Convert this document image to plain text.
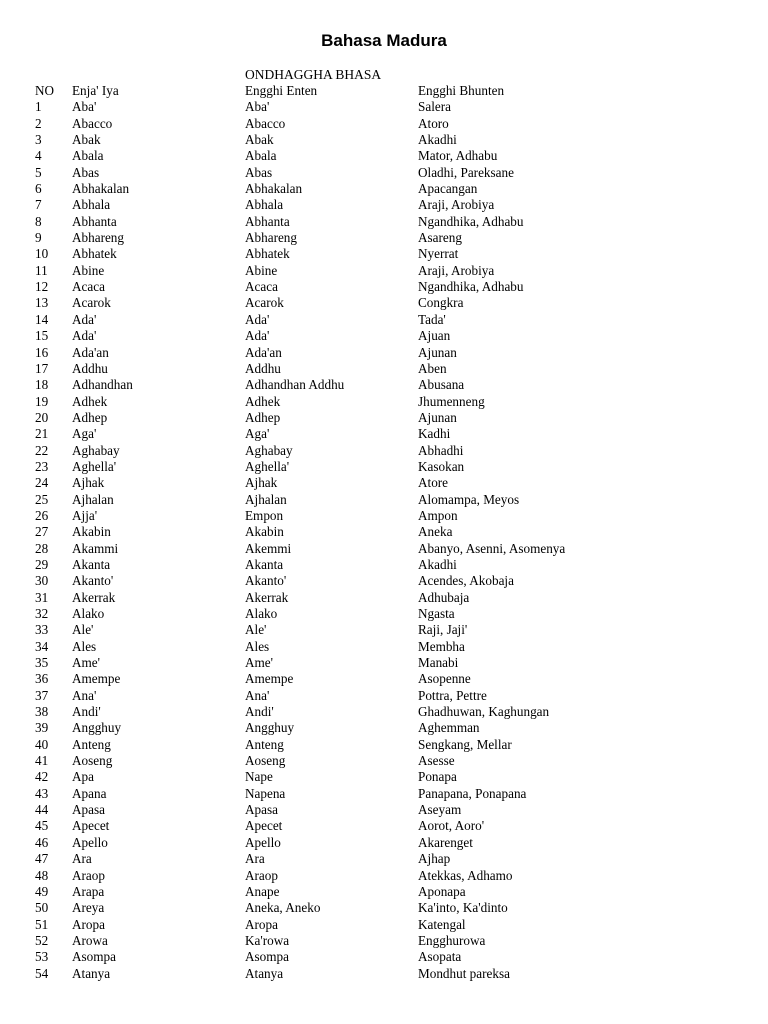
Bahasa Madura
ONDHAGGHA BHASA
NO Enja' Iya	Engghi Enten	Engghi Bhunten
1 Aba'	Aba'	Salera
2 Abacco	Abacco	Atoro
3 Abak	Abak	Akadhi
4 Abala	Abala	Mator, Adhabu
5 Abas	Abas	Oladhi, Pareksane
6 Abhakalan	Abhakalan	Apacangan
7 Abhala	Abhala	Araji, Arobiya
8 Abhanta	Abhanta	Ngandhika, Adhabu
9 Abhareng	Abhareng	Asareng
10 Abhatek	Abhatek	Nyerrat
11 Abine	Abine	Araji, Arobiya
12 Acaca	Acaca	Ngandhika, Adhabu
13 Acarok	Acarok	Congkra
14 Ada'	Ada'	Tada'
15 Ada'	Ada'	Ajuan
16 Ada'an	Ada'an	Ajunan
17 Addhu	Addhu	Aben
18 Adhandhan	Adhandhan Addhu	Abusana
19 Adhek	Adhek	Jhumenneng
20 Adhep	Adhep	Ajunan
21 Aga'	Aga'	Kadhi
22 Aghabay	Aghabay	Abhadhi
23 Aghella'	Aghella'	Kasokan
24 Ajhak	Ajhak	Atore
25 Ajhalan	Ajhalan	Alomampa, Meyos
26 Ajja'	Empon	Ampon
27 Akabin	Akabin	Aneka
28 Akammi	Akemmi	Abanyo, Asenni, Asomenya
29 Akanta	Akanta	Akadhi
30 Akanto'	Akanto'	Acendes, Akobaja
31 Akerrak	Akerrak	Adhubaja
32 Alako	Alako	Ngasta
33 Ale'	Ale'	Raji, Jaji'
34 Ales	Ales	Membha
35 Ame'	Ame'	Manabi
36 Amempe	Amempe	Asopenne
37 Ana'	Ana'	Pottra, Pettre
38 Andi'	Andi'	Ghadhuwan, Kaghungan
39 Angghuy	Angghuy	Aghemman
40 Anteng	Anteng	Sengkang, Mellar
41 Aoseng	Aoseng	Asesse
42 Apa	Nape	Ponapa
43 Apana	Napena	Panapana, Ponapana
44 Apasa	Apasa	Aseyam
45 Apecet	Apecet	Aorot, Aoro'
46 Apello	Apello	Akarenget
47 Ara	Ara	Ajhap
48 Araop	Araop	Atekkas, Adhamo
49 Arapa	Anape	Aponapa
50 Areya	Aneka, Aneko	Ka'into, Ka'dinto
51 Aropa	Aropa	Katengal
52 Arowa	Ka'rowa	Engghurowa
53 Asompa	Asompa	Asopata
54 Atanya	Atanya	Mondhut pareksa
